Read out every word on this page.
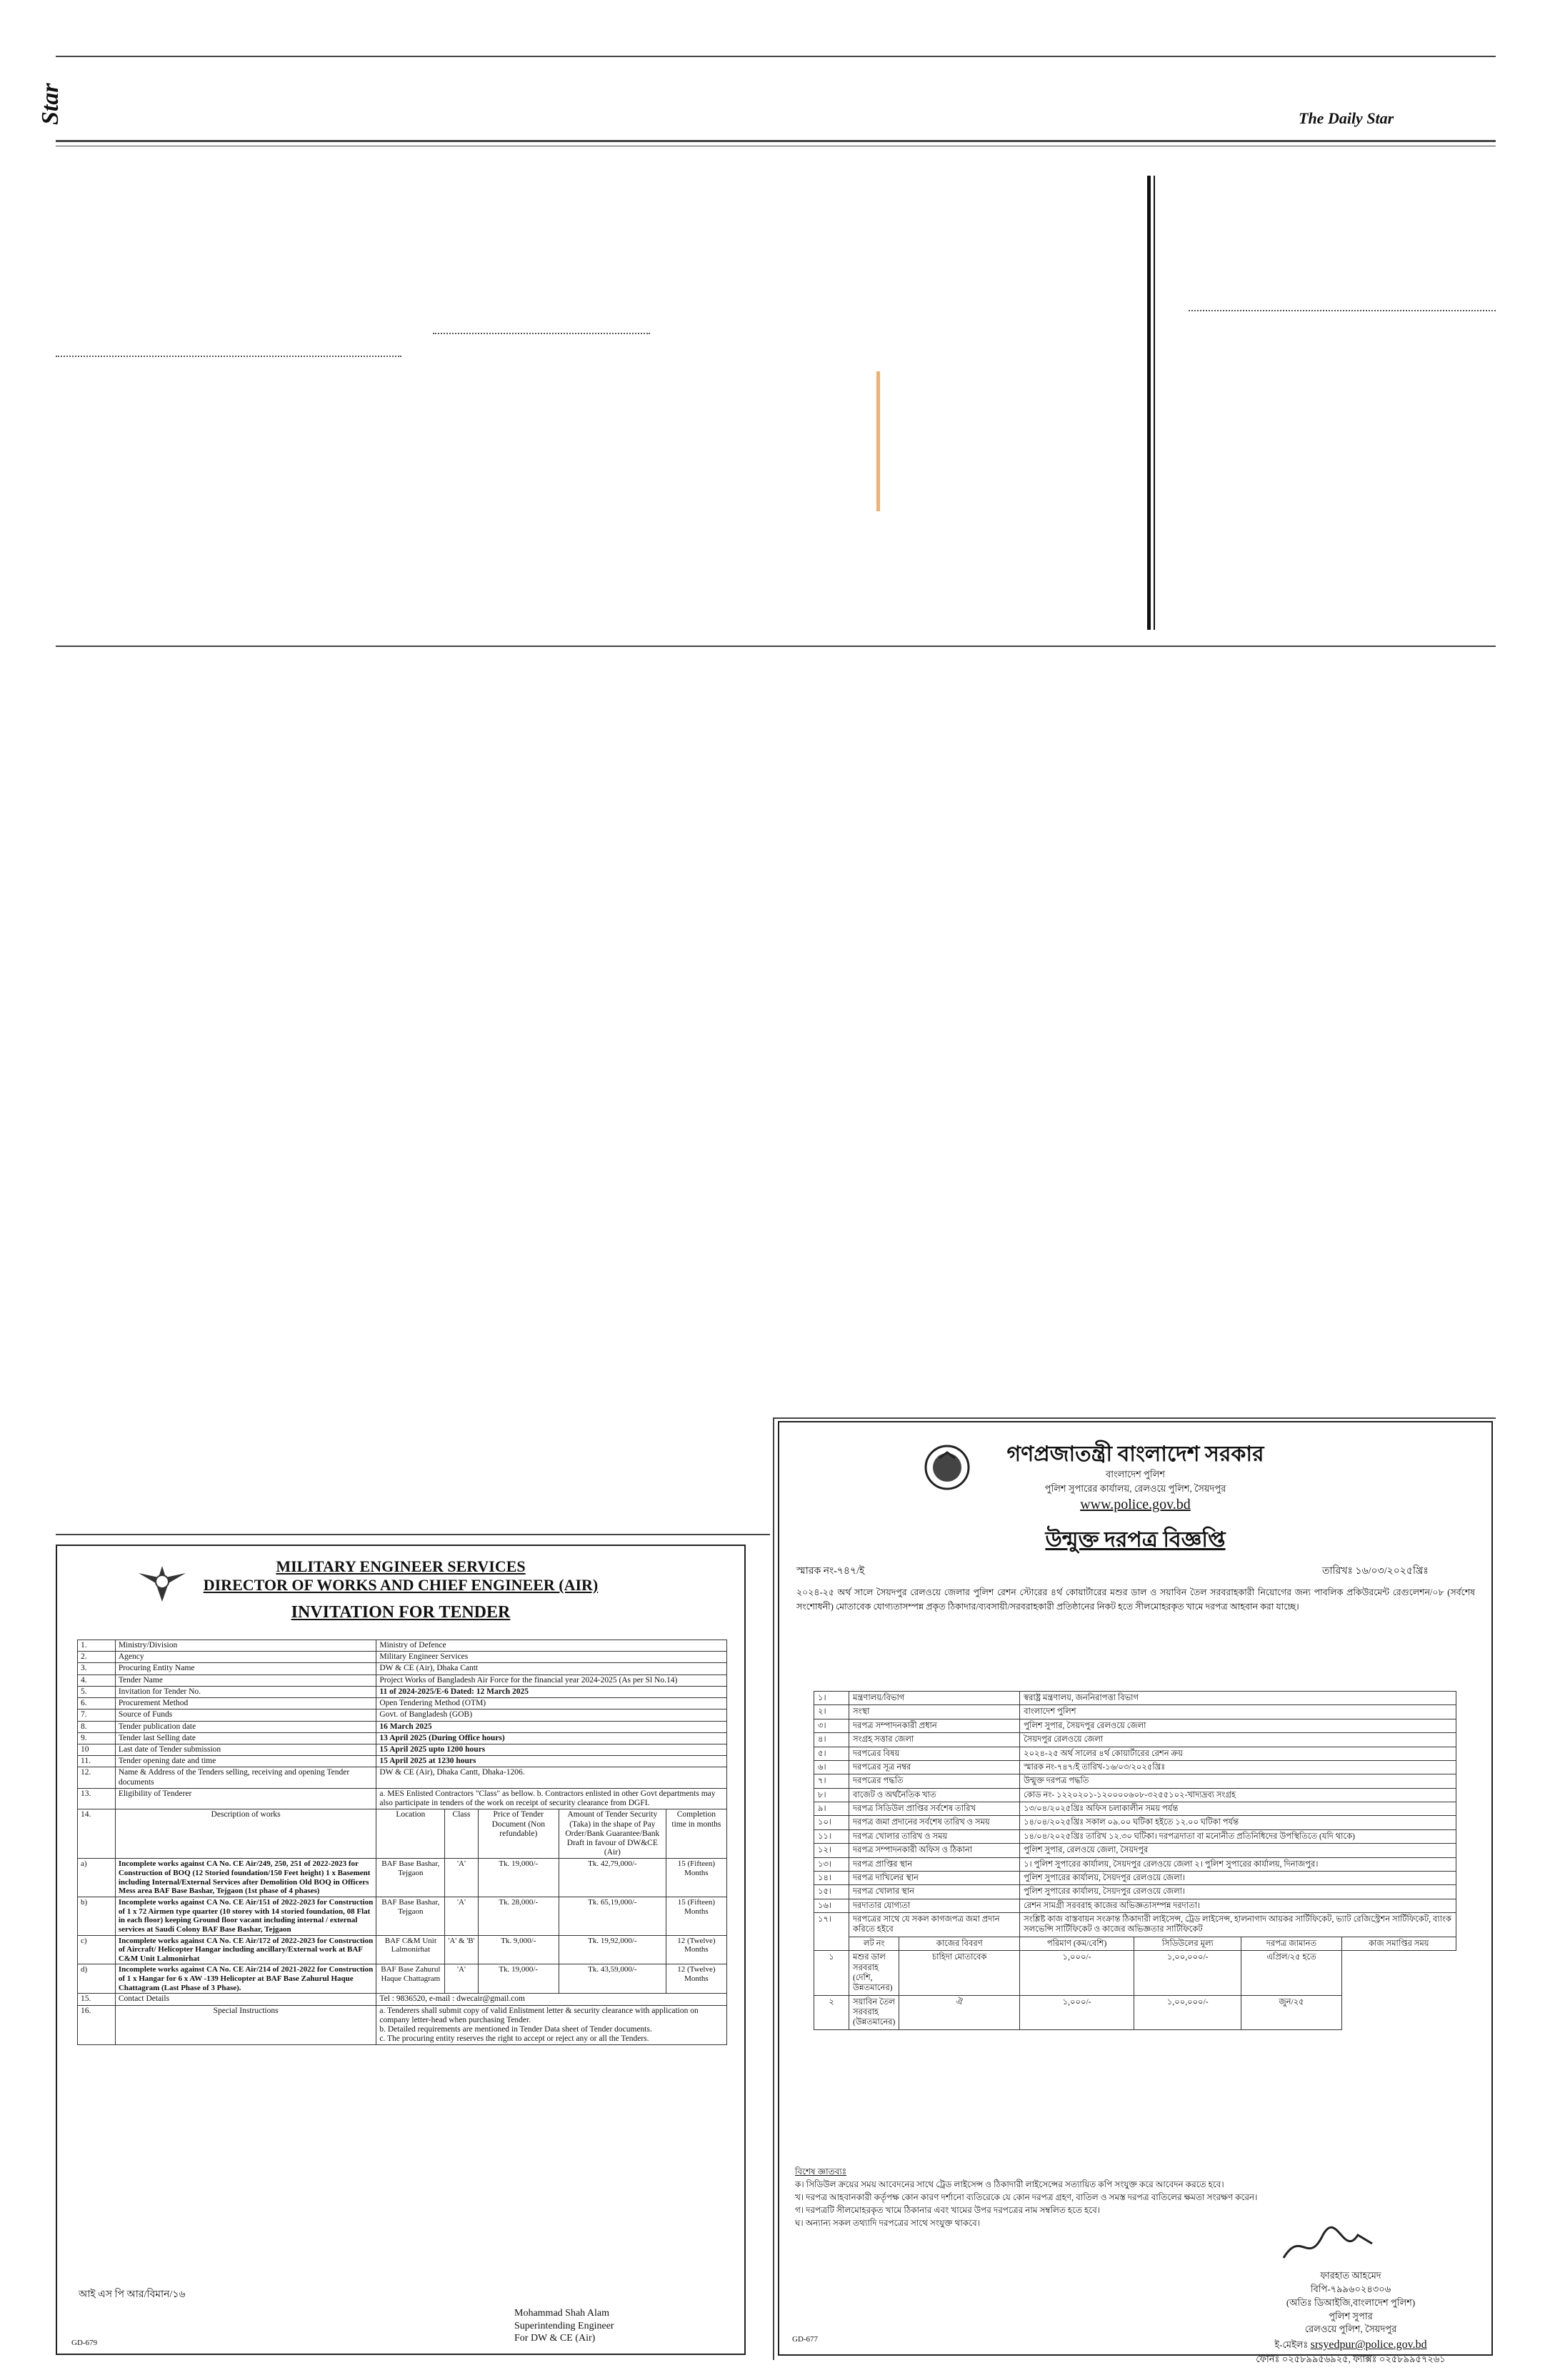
Star	The Daily Star
MILITARY ENGINEER SERVICES
DIRECTOR OF WORKS AND CHIEF ENGINEER (AIR)
INVITATION FOR TENDER
1.	Ministry/Division	Ministry of Defence				
2.	Agency	Military Engineer Services				
3.	Procuring Entity Name	DW & CE (Air), Dhaka Cantt				
4.	Tender Name	Project Works of Bangladesh Air Force for the financial year 2024-2025 (As per Sl No.14)				
5.	Invitation for Tender No.	11 of 2024-2025/E-6 Dated: 12 March 2025				
6.	Procurement Method	Open Tendering Method (OTM)				
7.	Source of Funds	Govt. of Bangladesh (GOB)				
8.	Tender publication date	16 March 2025				
9.	Tender last Selling date	13 April 2025 (During Office hours)				
10	Last date of Tender submission	15 April 2025 upto 1200 hours				
11.	Tender opening date and time	15 April 2025 at 1230 hours				
12.	Name & Address of the Tenders selling, receiving and opening Tender documents	DW & CE (Air), Dhaka Cantt, Dhaka-1206.				
13.	Eligibility of Tenderer	a. MES Enlisted Contractors "Class" as bellow. b. Contractors enlisted in other Govt departments may also participate in tenders of the work on receipt of security clearance from DGFI.				
14.	Description of works	Location	Class	Price of Tender Document (Non refundable)	Amount of Tender Security (Taka) in the shape of Pay Order/Bank Guarantee/Bank Draft in favour of DW&CE (Air)	Completion time in months
a)	Incomplete works against CA No. CE Air/249, 250, 251 of 2022-2023 for Construction of BOQ (12 Storied foundation/150 Feet height) 1 x Basement including Internal/External Services after Demolition Old BOQ in Officers Mess area BAF Base Bashar, Tejgaon (1st phase of 4 phases)	BAF Base Bashar, Tejgaon	'A'	Tk. 19,000/-	Tk. 42,79,000/-	15 (Fifteen) Months
b)	Incomplete works against CA No. CE Air/151 of 2022-2023 for Construction of 1 x 72 Airmen type quarter (10 storey with 14 storied foundation, 08 Flat in each floor) keeping Ground floor vacant including internal / external services at Saudi Colony BAF Base Bashar, Tejgaon	BAF Base Bashar, Tejgaon	'A'	Tk. 28,000/-	Tk. 65,19,000/-	15 (Fifteen) Months
c)	Incomplete works against CA No. CE Air/172 of 2022-2023 for Construction of Aircraft/ Helicopter Hangar including ancillary/External work at BAF C&M Unit Lalmonirhat	BAF C&M Unit Lalmonirhat	'A' & 'B'	Tk. 9,000/-	Tk. 19,92,000/-	12 (Twelve) Months
d)	Incomplete works against CA No. CE Air/214 of 2021-2022 for Construction of 1 x Hangar for 6 x AW -139 Helicopter at BAF Base Zahurul Haque Chattagram (Last Phase of 3 Phase).	BAF Base Zahurul Haque Chattagram	'A'	Tk. 19,000/-	Tk. 43,59,000/-	12 (Twelve) Months
15.	Contact Details	Tel : 9836520, e-mail : dwecair@gmail.com				
16.	Special Instructions	a. Tenderers shall submit copy of valid Enlistment letter & security clearance with application on company letter-head when purchasing Tender.
b. Detailed requirements are mentioned in Tender Data sheet of Tender documents.
c. The procuring entity reserves the right to accept or reject any or all the Tenders.				
আই এস পি আর/বিমান/১৬
Mohammad Shah Alam
Superintending Engineer
For DW & CE (Air)
GD-679
গণপ্রজাতন্ত্রী বাংলাদেশ সরকার
বাংলাদেশ পুলিশ
পুলিশ সুপারের কার্যালয়, রেলওয়ে পুলিশ, সৈয়দপুর
www.police.gov.bd
উন্মুক্ত দরপত্র বিজ্ঞপ্তি
স্মারক নং-৭৪৭/ই	তারিখঃ ১৬/০৩/২০২৫খ্রিঃ
২০২৪-২৫ অর্থ সালে সৈয়দপুর রেলওয়ে জেলার পুলিশ রেশন স্টোরের ৪র্থ কোয়ার্টারের মশুর ডাল ও সয়াবিন তৈল সরবরাহকারী নিয়োগের জন্য পাবলিক প্রকিউরমেন্ট রেগুলেশন/০৮ (সর্বশেষ সংশোধনী) মোতাবেক যোগ্যতাসম্পন্ন প্রকৃত ঠিকাদার/ব্যবসায়ী/সরবরাহকারী প্রতিষ্ঠানের নিকট হতে সীলমোহরকৃত খামে দরপত্র আহবান করা যাচ্ছে।
১।	মন্ত্রণালয়/বিভাগ		স্বরাষ্ট্র মন্ত্রণালয়, জননিরাপত্তা বিভাগ			
২।	সংস্থা		বাংলাদেশ পুলিশ			
৩।	দরপত্র সম্পাদনকারী প্রধান		পুলিশ সুপার, সৈয়দপুর রেলওয়ে জেলা			
৪।	সংগ্রহ সত্তার জেলা		সৈয়দপুর রেলওয়ে জেলা			
৫।	দরপত্রের বিষয়		২০২৪-২৫ অর্থ সালের ৪র্থ কোয়ার্টারের রেশন ক্রয়			
৬।	দরপত্রের সূত্র নম্বর		স্মারক নং-৭৪৭/ই তারিখ-১৬/০৩/২০২৫খ্রিঃ			
৭।	দরপত্রের পদ্ধতি		উন্মুক্ত দরপত্র পদ্ধতি			
৮।	বাজেট ও অর্থনৈতিক খাত		কোড নং- ১২২০২০১-১২০০০০৬০৮-৩২৫৫১০২-খাদ্যদ্রব্য সংগ্রহ			
৯।	দরপত্র সিডিউল প্রাপ্তির সর্বশেষ তারিখ		১৩/০৪/২০২৫খ্রিঃ অফিস চলাকালীন সময় পর্যন্ত			
১০।	দরপত্র জমা প্রদানের সর্বশেষ তারিখ ও সময়		১৪/০৪/২০২৫খ্রিঃ সকাল ০৯.০০ ঘটিকা হইতে ১২.০০ ঘটিকা পর্যন্ত			
১১।	দরপত্র খোলার তারিখ ও সময়		১৪/০৪/২০২৫খ্রিঃ তারিখ ১২.৩০ ঘটিকা। দরপত্রদাতা বা মনোনীত প্রতিনিধিদের উপস্থিতিতে (যদি থাকে)			
১২।	দরপত্র সম্পাদনকারী অফিস ও ঠিকানা		পুলিশ সুপার, রেলওয়ে জেলা, সৈয়দপুর			
১৩।	দরপত্র প্রাপ্তির স্থান		১। পুলিশ সুপারের কার্যালয়, সৈয়দপুর রেলওয়ে জেলা ২। পুলিশ সুপারের কার্যালয়, দিনাজপুর।			
১৪।	দরপত্র দাখিলের স্থান		পুলিশ সুপারের কার্যালয়, সৈয়দপুর রেলওয়ে জেলা।			
১৫।	দরপত্র খোলার স্থান		পুলিশ সুপারের কার্যালয়, সৈয়দপুর রেলওয়ে জেলা।			
১৬।	দরদাতার যোগ্যতা		রেশন সামগ্রী সরবরাহ কাজের অভিজ্ঞতাসম্পন্ন দরদাতা।			
১৭।	দরপত্রের সাথে যে সকল কাগজপত্র জমা প্রদান করিতে হইবে		সংশ্লিষ্ট কাজ বাস্তবায়ন সংক্রান্ত ঠিকাদারী লাইসেন্স, ট্রেড লাইসেন্স, হালনাগাদ আয়কর সার্টিফিকেট, ভ্যাট রেজিস্ট্রেশন সার্টিফিকেট, ব্যাংক সলভেন্সি সার্টিফিকেট ও কাজের অভিজ্ঞতার সার্টিফিকেট			
	লট নং	কাজের বিবরণ	পরিমাণ (কম/বেশি)	সিডিউলের মূল্য	দরপত্র জামানত	কাজ সমাপ্তির সময়
১	মশুর ডাল সরবরাহ (দেশি, উন্নতমানের)	চাহিদা মোতাবেক	১,০০০/-	১,০০,০০০/-	এপ্রিল/২৫ হতে	
২	সয়াবিন তৈল সরবরাহ (উন্নতমানের)	ঐ	১,০০০/-	১,০০,০০০/-	জুন/২৫	
বিশেষ জ্ঞাতব্যঃ
ক। সিডিউল ক্রয়ের সময় আবেদনের সাথে ট্রেড লাইসেন্স ও ঠিকাদারী লাইসেন্সের সত্যায়িত কপি সংযুক্ত করে আবেদন করতে হবে।
খ। দরপত্র আহবানকারী কর্তৃপক্ষ কোন কারণ দর্শানো ব্যতিরেকে যে কোন দরপত্র গ্রহণ, বাতিল ও সমস্ত দরপত্র বাতিলের ক্ষমতা সংরক্ষণ করেন।
গ। দরপত্রটি সীলমোহরকৃত খামে ঠিকানার এবং খামের উপর দরপত্রের নাম সম্বলিত হতে হবে।
ঘ। অন্যান্য সকল তথ্যাদি দরপত্রের সাথে সংযুক্ত থাকবে।
ফারহাত আহমেদ
বিপি-৭৯৯৬০২৪৩০৬
(অতিঃ ডিআইজি,বাংলাদেশ পুলিশ)
পুলিশ সুপার
রেলওয়ে পুলিশ, সৈয়দপুর
ই-মেইলঃ srsyedpur@police.gov.bd
ফোনঃ ০২৫৮৯৯৫৬৯২৫, ফ্যাক্সঃ ০২৫৮৯৯৫৭২৬১
GD-677
